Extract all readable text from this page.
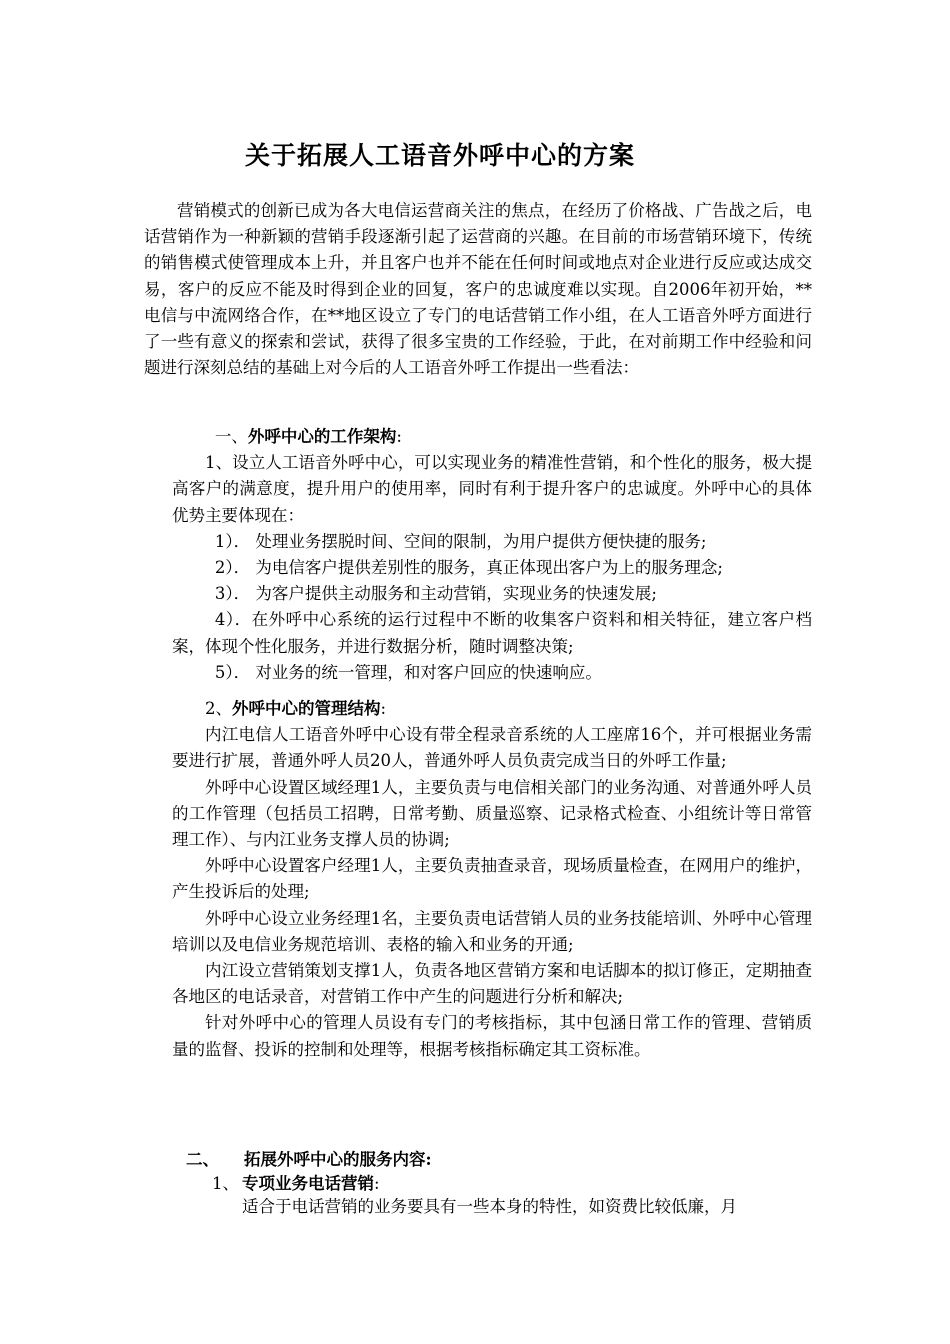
关于拓展人工语音外呼中心的方案

营销模式的创新已成为各大电信运营商关注的焦点，在经历了价格战、广告战之后，电话营销作为一种新颖的营销手段逐渐引起了运营商的兴趣。在目前的市场营销环境下，传统的销售模式使管理成本上升，并且客户也并不能在任何时间或地点对企业进行反应或达成交易，客户的反应不能及时得到企业的回复，客户的忠诚度难以实现。自2006年初开始，**电信与中流网络合作，在**地区设立了专门的电话营销工作小组，在人工语音外呼方面进行了一些有意义的探索和尝试，获得了很多宝贵的工作经验，于此，在对前期工作中经验和问题进行深刻总结的基础上对今后的人工语音外呼工作提出一些看法：

一、外呼中心的工作架构:

1、设立人工语音外呼中心，可以实现业务的精准性营销，和个性化的服务，极大提高客户的满意度，提升用户的使用率，同时有利于提升客户的忠诚度。外呼中心的具体优势主要体现在：

1）． 处理业务摆脱时间、空间的限制，为用户提供方便快捷的服务;

2）． 为电信客户提供差别性的服务，真正体现出客户为上的服务理念;

3）． 为客户提供主动服务和主动营销，实现业务的快速发展;

4）．在外呼中心系统的运行过程中不断的收集客户资料和相关特征，建立客户档案，体现个性化服务，并进行数据分析，随时调整决策;

5）． 对业务的统一管理，和对客户回应的快速响应。

2、外呼中心的管理结构:

内江电信人工语音外呼中心设有带全程录音系统的人工座席16个，并可根据业务需要进行扩展，普通外呼人员20人，普通外呼人员负责完成当日的外呼工作量;

外呼中心设置区域经理1人，主要负责与电信相关部门的业务沟通、对普通外呼人员的工作管理（包括员工招聘，日常考勤、质量巡察、记录格式检查、小组统计等日常管理工作）、与内江业务支撑人员的协调;

外呼中心设置客户经理1人，主要负责抽查录音，现场质量检查，在网用户的维护，产生投诉后的处理;

外呼中心设立业务经理1名，主要负责电话营销人员的业务技能培训、外呼中心管理培训以及电信业务规范培训、表格的输入和业务的开通;

内江设立营销策划支撑1人，负责各地区营销方案和电话脚本的拟订修正，定期抽查各地区的电话录音，对营销工作中产生的问题进行分析和解决;

针对外呼中心的管理人员设有专门的考核指标，其中包涵日常工作的管理、营销质量的监督、投诉的控制和处理等，根据考核指标确定其工资标准。

二、 拓展外呼中心的服务内容:
1、 专项业务电话营销:
适合于电话营销的业务要具有一些本身的特性，如资费比较低廉，月
